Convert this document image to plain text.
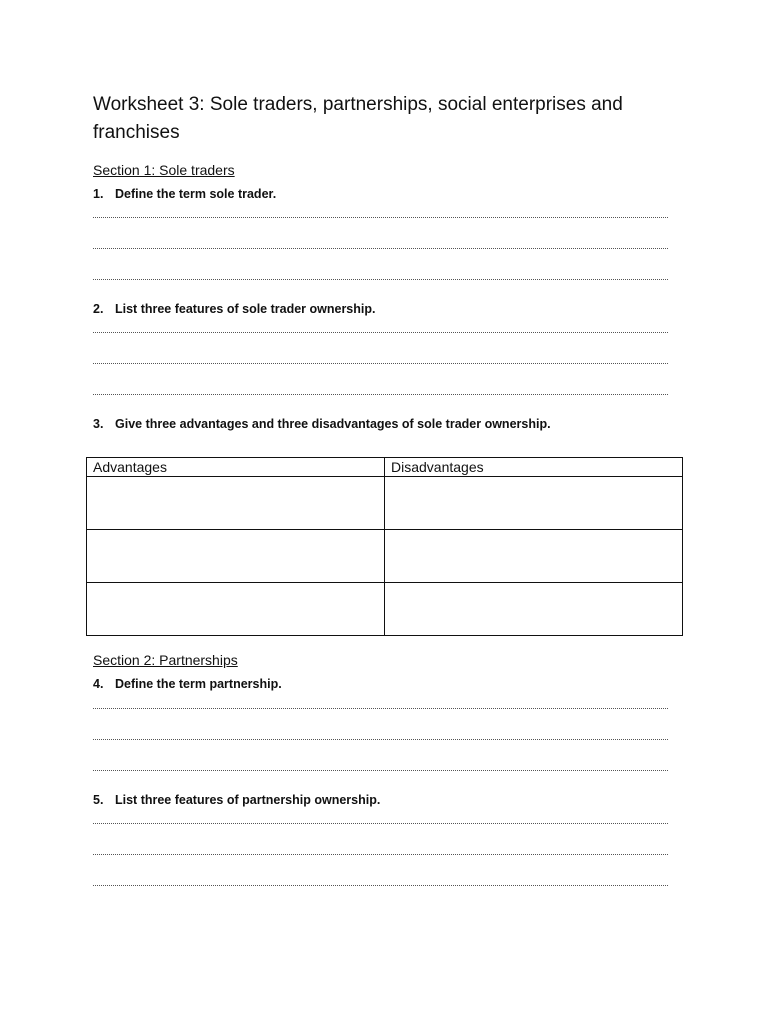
Worksheet 3: Sole traders, partnerships, social enterprises and franchises
Section 1: Sole traders
1. Define the term sole trader.
2. List three features of sole trader ownership.
3. Give three advantages and three disadvantages of sole trader ownership.
Advantages	Disadvantages

Section 2: Partnerships
4. Define the term partnership.
5. List three features of partnership ownership.
